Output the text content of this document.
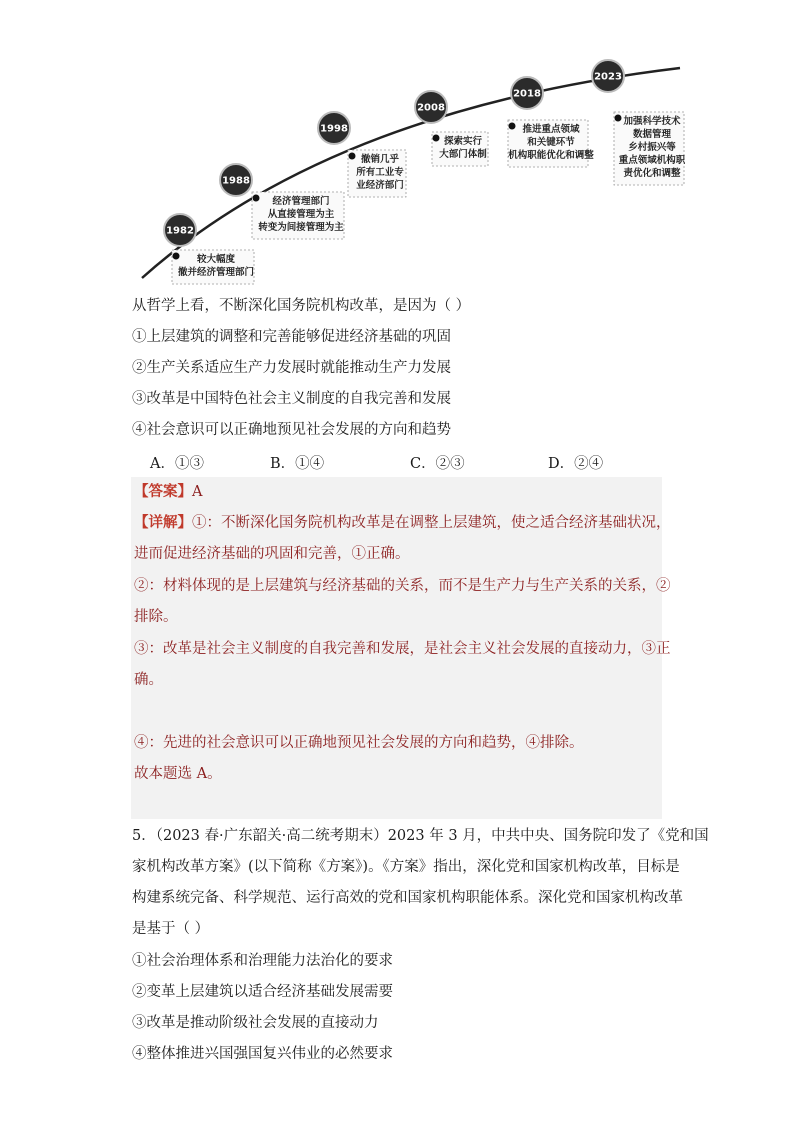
1982
较大幅度
撤并经济管理部门
1988
经济管理部门
从直接管理为主
转变为间接管理为主
1998
撤销几乎
所有工业专
业经济部门
2008
探索实行
大部门体制
2018
推进重点领域
和关键环节
机构职能优化和调整
2023
加强科学技术
数据管理
乡村振兴等
重点领域机构职
责优化和调整
从哲学上看，不断深化国务院机构改革，是因为（ ）
①上层建筑的调整和完善能够促进经济基础的巩固
②生产关系适应生产力发展时就能推动生产力发展
③改革是中国特色社会主义制度的自我完善和发展
④社会意识可以正确地预见社会发展的方向和趋势
A．①③	B．①④	C．②③	D．②④
【答案】A
【详解】①：不断深化国务院机构改革是在调整上层建筑，使之适合经济基础状况，
进而促进经济基础的巩固和完善，①正确。
②：材料体现的是上层建筑与经济基础的关系，而不是生产力与生产关系的关系，②
排除。
③：改革是社会主义制度的自我完善和发展，是社会主义社会发展的直接动力，③正
确。
④：先进的社会意识可以正确地预见社会发展的方向和趋势，④排除。
故本题选 A。
5．（2023 春·广东韶关·高二统考期末）2023 年 3 月，中共中央、国务院印发了《党和国
家机构改革方案》(以下简称《方案》)。《方案》指出，深化党和国家机构改革，目标是
构建系统完备、科学规范、运行高效的党和国家机构职能体系。深化党和国家机构改革
是基于（ ）
①社会治理体系和治理能力法治化的要求
②变革上层建筑以适合经济基础发展需要
③改革是推动阶级社会发展的直接动力
④整体推进兴国强国复兴伟业的必然要求
